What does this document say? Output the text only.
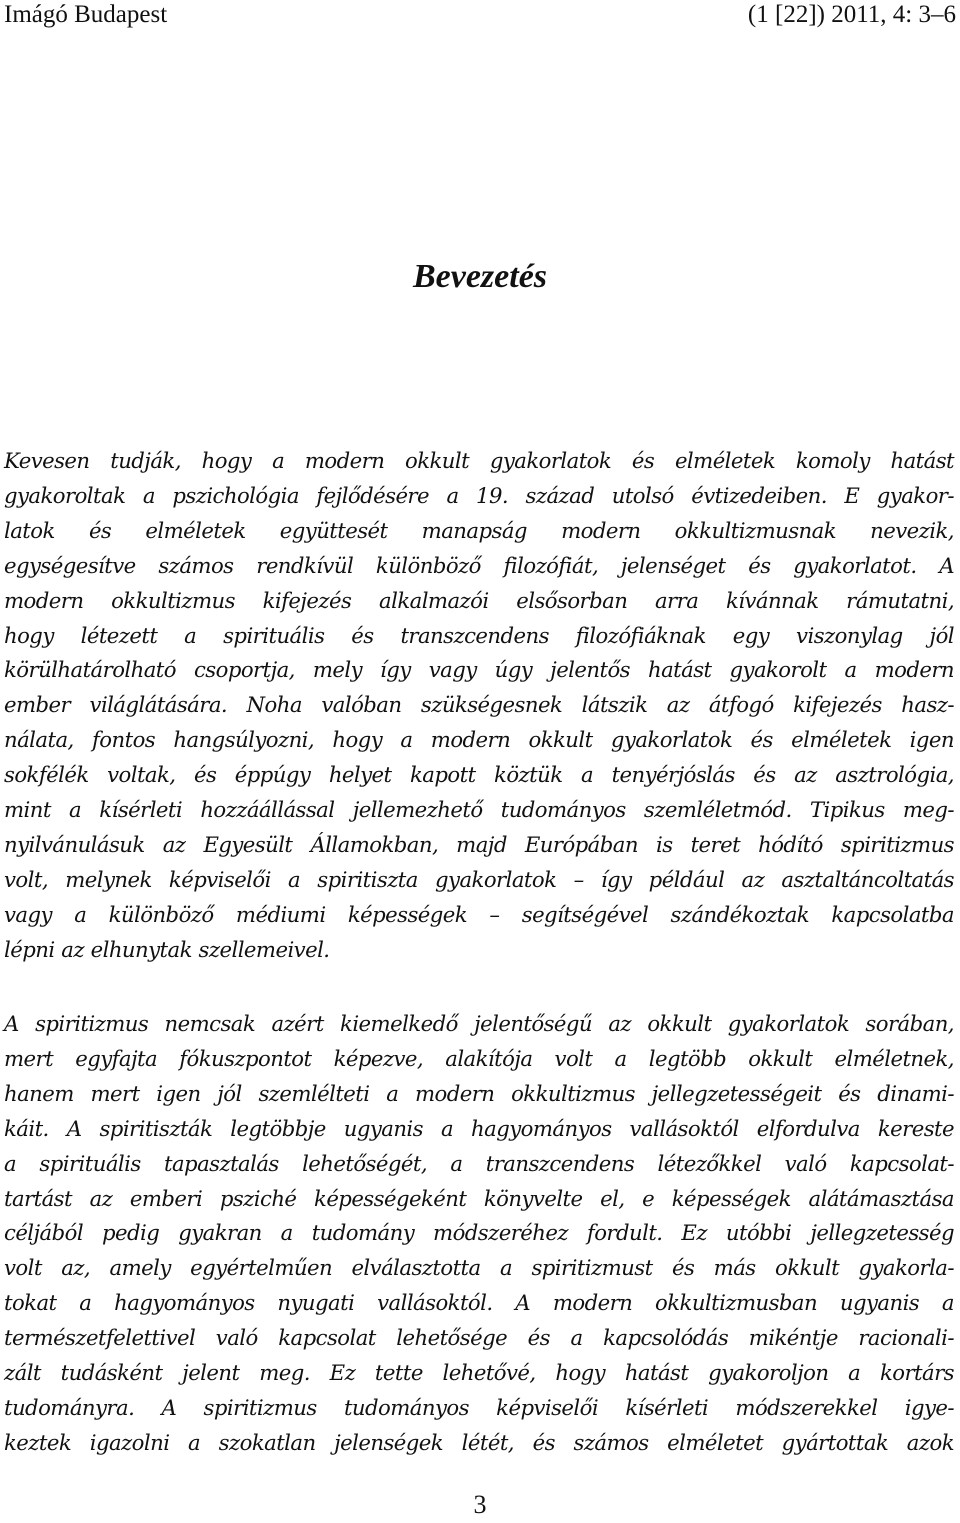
Imágó Budapest	(1 [22]) 2011, 4: 3–6
Bevezetés
Kevesen tudják, hogy a modern okkult gyakorlatok és elméletek komoly hatást
gyakoroltak a pszichológia fejlődésére a 19. század utolsó évtizedeiben. E gyakor-
latok és elméletek együttesét manapság modern okkultizmusnak nevezik,
egységesítve számos rendkívül különböző filozófiát, jelenséget és gyakorlatot. A
modern okkultizmus kifejezés alkalmazói elsősorban arra kívánnak rámutatni,
hogy létezett a spirituális és transzcendens filozófiáknak egy viszonylag jól
körülhatárolható csoportja, mely így vagy úgy jelentős hatást gyakorolt a modern
ember világlátására. Noha valóban szükségesnek látszik az átfogó kifejezés hasz-
nálata, fontos hangsúlyozni, hogy a modern okkult gyakorlatok és elméletek igen
sokfélék voltak, és éppúgy helyet kapott köztük a tenyérjóslás és az asztrológia,
mint a kísérleti hozzáállással jellemezhető tudományos szemléletmód. Tipikus meg-
nyilvánulásuk az Egyesült Államokban, majd Európában is teret hódító spiritizmus
volt, melynek képviselői a spiritiszta gyakorlatok – így például az asztaltáncoltatás
vagy a különböző médiumi képességek – segítségével szándékoztak kapcsolatba
lépni az elhunytak szellemeivel.
A spiritizmus nemcsak azért kiemelkedő jelentőségű az okkult gyakorlatok sorában,
mert egyfajta fókuszpontot képezve, alakítója volt a legtöbb okkult elméletnek,
hanem mert igen jól szemlélteti a modern okkultizmus jellegzetességeit és dinami-
káit. A spiritiszták legtöbbje ugyanis a hagyományos vallásoktól elfordulva kereste
a spirituális tapasztalás lehetőségét, a transzcendens létezőkkel való kapcsolat-
tartást az emberi psziché képességeként könyvelte el, e képességek alátámasztása
céljából pedig gyakran a tudomány módszeréhez fordult. Ez utóbbi jellegzetesség
volt az, amely egyértelműen elválasztotta a spiritizmust és más okkult gyakorla-
tokat a hagyományos nyugati vallásoktól. A modern okkultizmusban ugyanis a
természetfelettivel való kapcsolat lehetősége és a kapcsolódás mikéntje racionali-
zált tudásként jelent meg. Ez tette lehetővé, hogy hatást gyakoroljon a kortárs
tudományra. A spiritizmus tudományos képviselői kísérleti módszerekkel igye-
keztek igazolni a szokatlan jelenségek létét, és számos elméletet gyártottak azok
3
